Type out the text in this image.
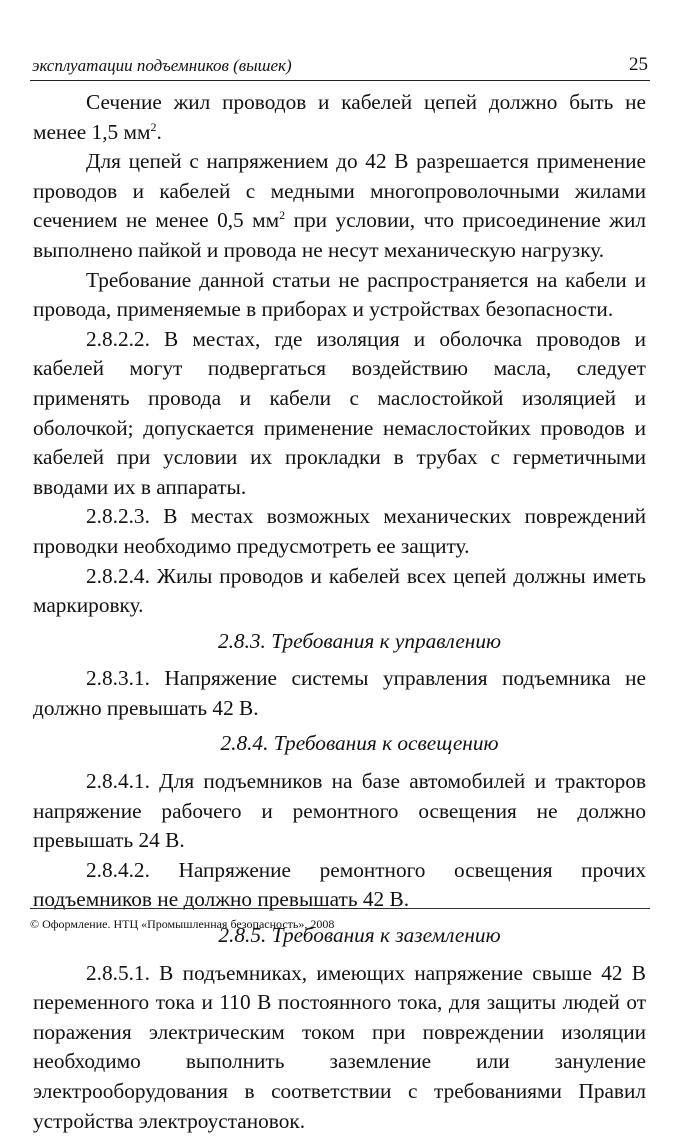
эксплуатации подъемников (вышек)	25

Сечение жил проводов и кабелей цепей должно быть не менее 1,5 $мм^2$.

Для цепей с напряжением до 42 В разрешается применение проводов и кабелей с медными многопроволочными жилами сечением не менее 0,5 $мм^2$ при условии, что присоединение жил выполнено пайкой и провода не несут механическую нагрузку.

Требование данной статьи не распространяется на кабели и провода, применяемые в приборах и устройствах безопасности.

2.8.2.2. В местах, где изоляция и оболочка проводов и кабелей могут подвергаться воздействию масла, следует применять провода и кабели с маслостойкой изоляцией и оболочкой; допускается применение немаслостойких проводов и кабелей при условии их прокладки в трубах с герметичными вводами их в аппараты.

2.8.2.3. В местах возможных механических повреждений проводки необходимо предусмотреть ее защиту.

2.8.2.4. Жилы проводов и кабелей всех цепей должны иметь маркировку.

2.8.3. Требования к управлению

2.8.3.1. Напряжение системы управления подъемника не должно превышать 42 В.

2.8.4. Требования к освещению

2.8.4.1. Для подъемников на базе автомобилей и тракторов напряжение рабочего и ремонтного освещения не должно превышать 24 В.

2.8.4.2. Напряжение ремонтного освещения прочих подъемников не должно превышать 42 В.

2.8.5. Требования к заземлению

2.8.5.1. В подъемниках, имеющих напряжение свыше 42 В переменного тока и 110 В постоянного тока, для защиты людей от поражения электрическим током при повреждении изоляции необходимо выполнить заземление или зануление электрооборудования в соответствии с требованиями Правил устройства электроустановок.

© Оформление. НТЦ «Промышленная безопасность», 2008
